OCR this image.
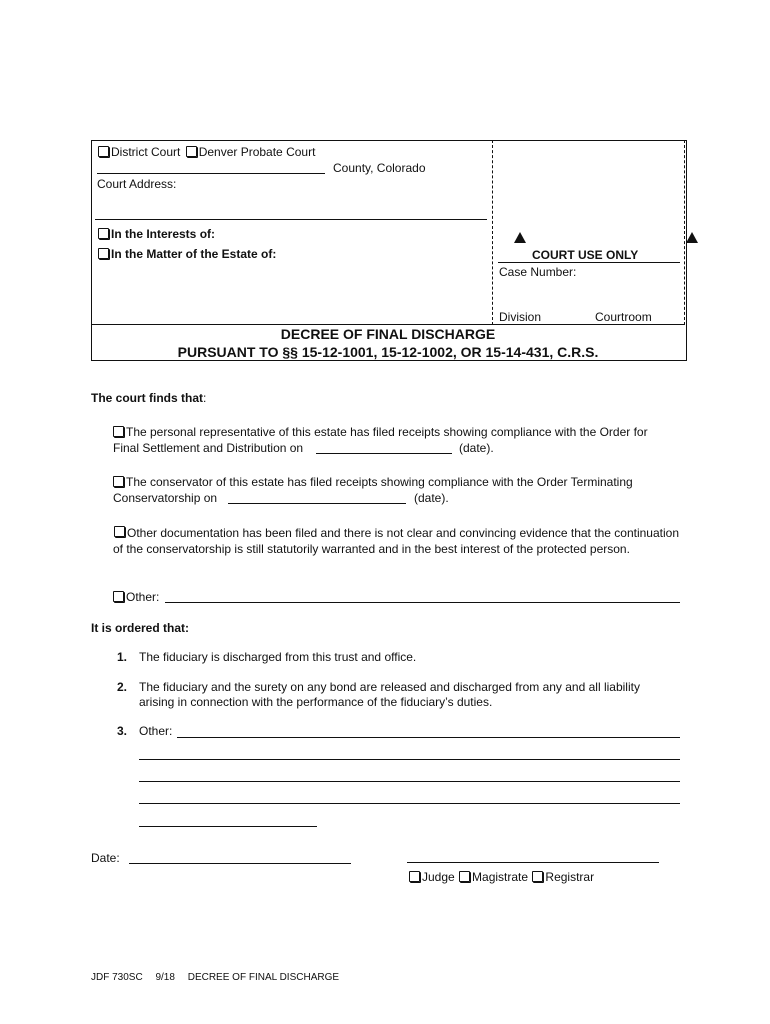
District Court Denver Probate Court
County, Colorado
Court Address:
In the Interests of:
In the Matter of the Estate of:	COURT USE ONLY
Case Number:
Division	Courtroom
DECREE OF FINAL DISCHARGE
PURSUANT TO §§ 15-12-1001, 15-12-1002, OR 15-14-431, C.R.S.
The court finds that:
The personal representative of this estate has filed receipts showing compliance with the Order for
Final Settlement and Distribution on	(date).
The conservator of this estate has filed receipts showing compliance with the Order Terminating
Conservatorship on	(date).
Other documentation has been filed and there is not clear and convincing evidence that the continuation of the conservatorship is still statutorily warranted and in the best interest of the protected person.
Other:
It is ordered that:
1. The fiduciary is discharged from this trust and office.
2. The fiduciary and the surety on any bond are released and discharged from any and all liability
arising in connection with the performance of the fiduciary’s duties.
3. Other:
Date:
Judge Magistrate Registrar
JDF 730SC 9/18 DECREE OF FINAL DISCHARGE
